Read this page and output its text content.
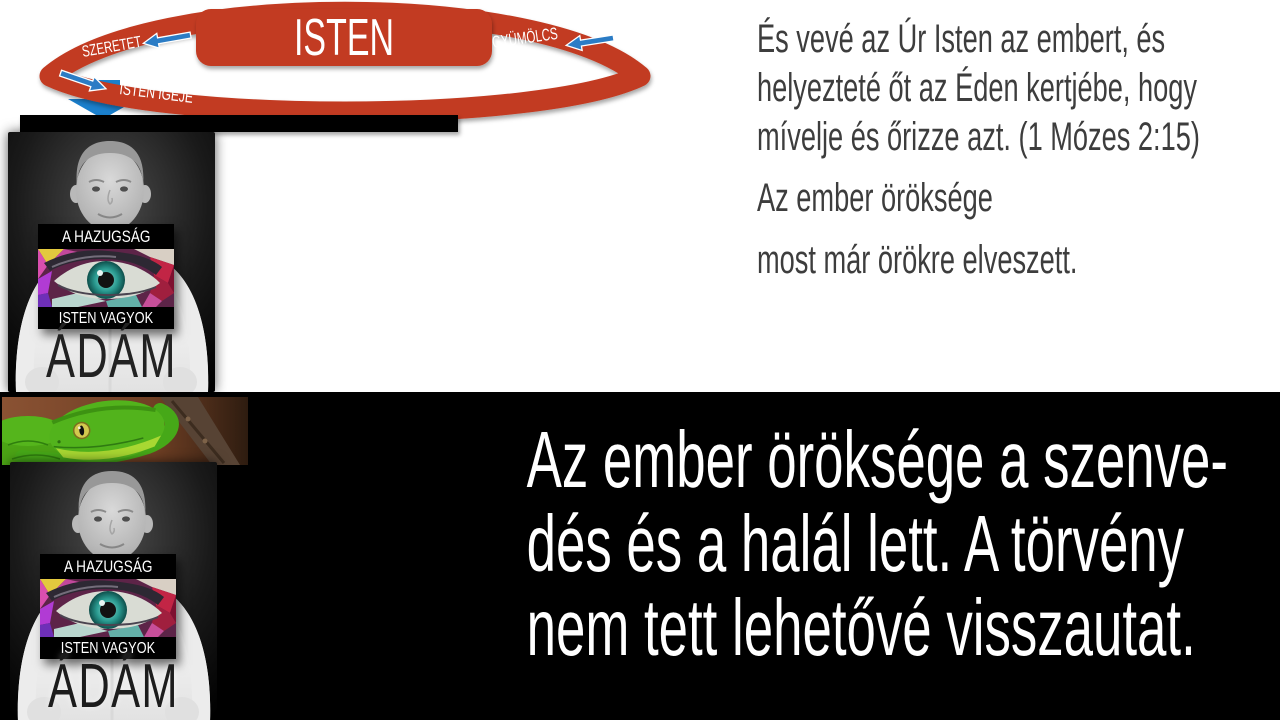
ISTEN
SZERETET	GYÜMÖLCS
ISTEN IGÉJE
A HAZUGSÁG
ISTEN VAGYOK
ÁDÁM
És vevé az Úr Isten az embert, és
helyezteté őt az Éden kertjébe, hogy
mívelje és őrizze azt. (1 Mózes 2:15)
Az ember öröksége
most már örökre elveszett.
A HAZUGSÁG
ISTEN VAGYOK
ÁDÁM
Az ember öröksége a szenve-
dés és a halál lett. A törvény
nem tett lehetővé visszautat.
